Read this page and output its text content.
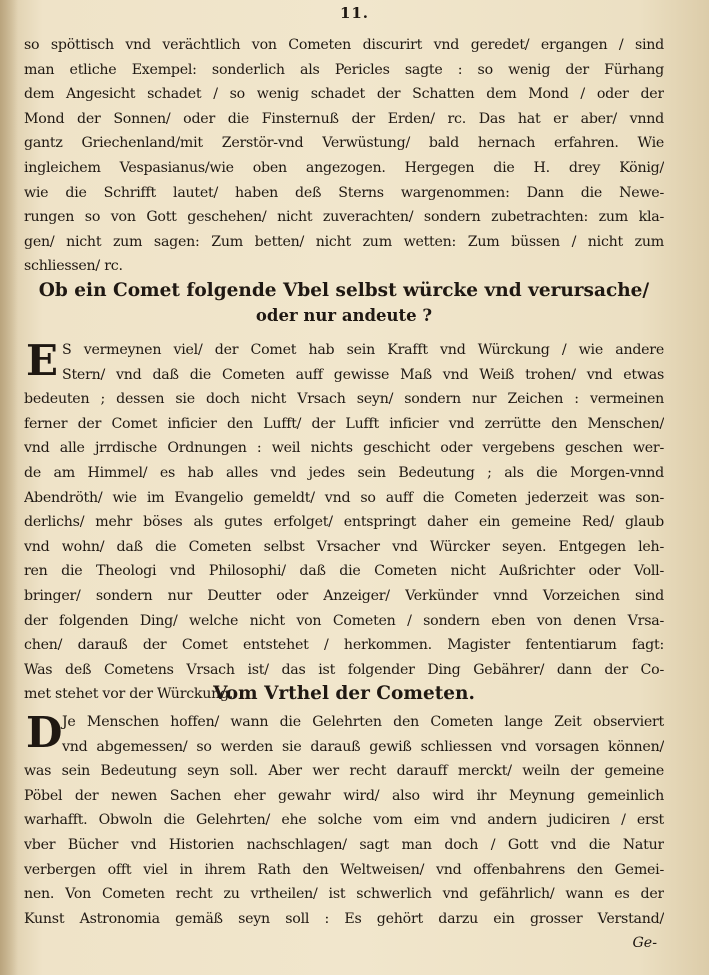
11.
so spöttisch vnd verächtlich von Cometen discurirt vnd geredet/ ergangen / sind
man etliche Exempel: sonderlich als Pericles sagte : so wenig der Fürhang
dem Angesicht schadet / so wenig schadet der Schatten dem Mond / oder der
Mond der Sonnen/ oder die Finsternuß der Erden/ rc. Das hat er aber/ vnnd
gantz Griechenland/mit Zerstör-vnd Verwüstung/ bald hernach erfahren. Wie
ingleichem Vespasianus/wie oben angezogen. Hergegen die H. drey König/
wie die Schrifft lautet/ haben deß Sterns wargenommen: Dann die Newe-
rungen so von Gott geschehen/ nicht zuverachten/ sondern zubetrachten: zum kla-
gen/ nicht zum sagen: Zum betten/ nicht zum wetten: Zum büssen / nicht zum
schliessen/ rc.
Ob ein Comet folgende Vbel selbst würcke vnd verursache/
oder nur andeute ?
E S vermeynen viel/ der Comet hab sein Krafft vnd Würckung / wie andere
Stern/ vnd daß die Cometen auff gewisse Maß vnd Weiß trohen/ vnd etwas
bedeuten ; dessen sie doch nicht Vrsach seyn/ sondern nur Zeichen : vermeinen
ferner der Comet inficier den Lufft/ der Lufft inficier vnd zerrütte den Menschen/
vnd alle jrrdische Ordnungen : weil nichts geschicht oder vergebens geschen wer-
de am Himmel/ es hab alles vnd jedes sein Bedeutung ; als die Morgen-vnnd
Abendröth/ wie im Evangelio gemeldt/ vnd so auff die Cometen jederzeit was son-
derlichs/ mehr böses als gutes erfolget/ entspringt daher ein gemeine Red/ glaub
vnd wohn/ daß die Cometen selbst Vrsacher vnd Würcker seyen. Entgegen leh-
ren die Theologi vnd Philosophi/ daß die Cometen nicht Außrichter oder Voll-
bringer/ sondern nur Deutter oder Anzeiger/ Verkünder vnnd Vorzeichen sind
der folgenden Ding/ welche nicht von Cometen / sondern eben von denen Vrsa-
chen/ darauß der Comet entstehet / herkommen. Magister fententiarum fagt:
Was deß Cometens Vrsach ist/ das ist folgender Ding Gebährer/ dann der Co-
met stehet vor der Würckung.
Vom Vrthel der Cometen.
D Je Menschen hoffen/ wann die Gelehrten den Cometen lange Zeit observiert
vnd abgemessen/ so werden sie darauß gewiß schliessen vnd vorsagen können/
was sein Bedeutung seyn soll. Aber wer recht darauff merckt/ weiln der gemeine
Pöbel der newen Sachen eher gewahr wird/ also wird ihr Meynung gemeinlich
warhafft. Obwoln die Gelehrten/ ehe solche vom eim vnd andern judiciren / erst
vber Bücher vnd Historien nachschlagen/ sagt man doch / Gott vnd die Natur
verbergen offt viel in ihrem Rath den Weltweisen/ vnd offenbahrens den Gemei-
nen. Von Cometen recht zu vrtheilen/ ist schwerlich vnd gefährlich/ wann es der
Kunst Astronomia gemäß seyn soll : Es gehört darzu ein grosser Verstand/
Ge-
